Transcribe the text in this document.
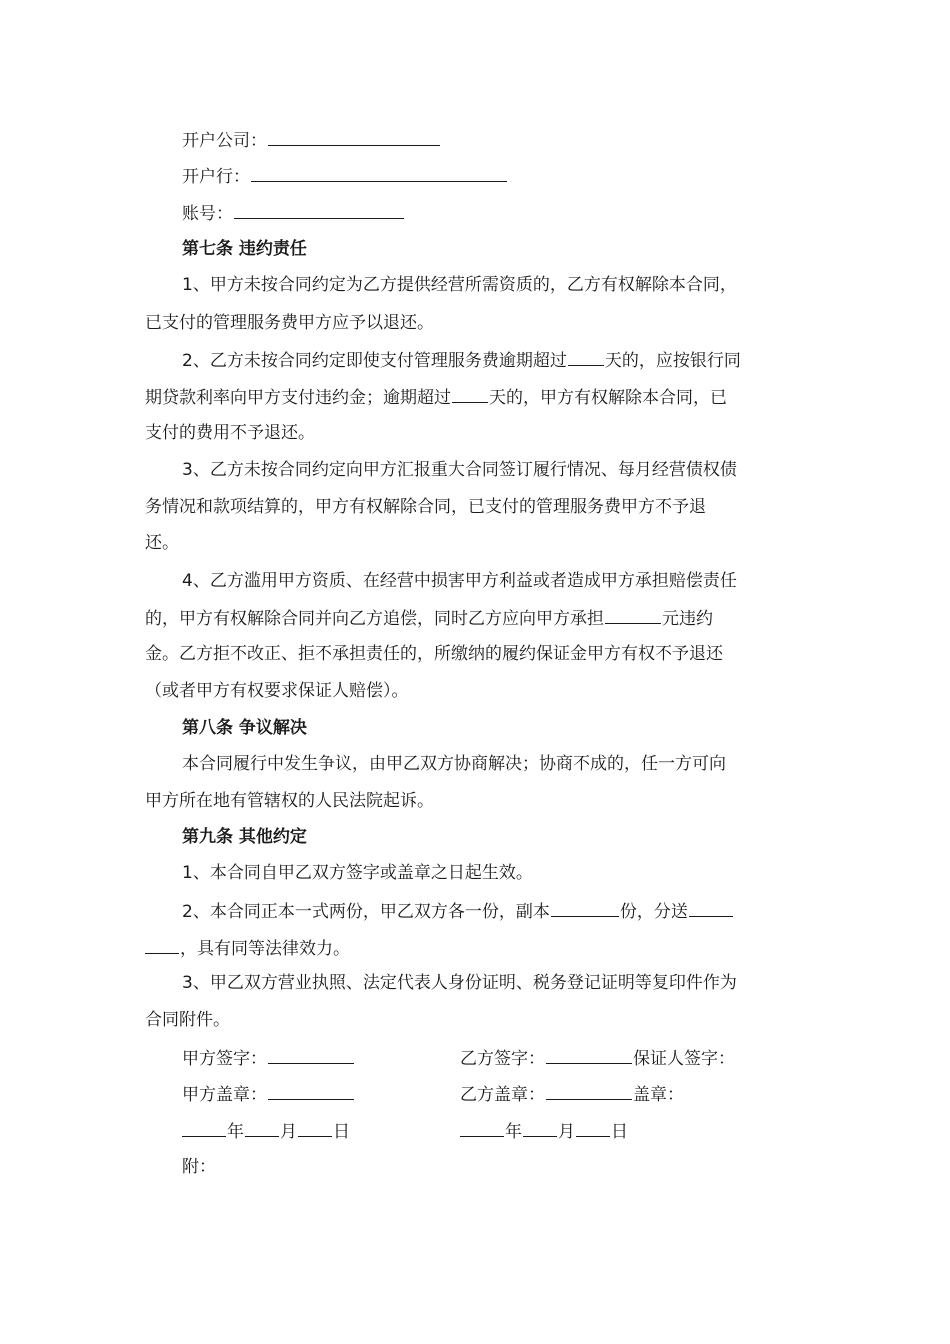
开户公司：
开户行：
账号：
第七条 违约责任
1、甲方未按合同约定为乙方提供经营所需资质的，乙方有权解除本合同，
已支付的管理服务费甲方应予以退还。
2、乙方未按合同约定即使支付管理服务费逾期超过 天的，应按银行同
期贷款利率向甲方支付违约金；逾期超过 天的，甲方有权解除本合同，已
支付的费用不予退还。
3、乙方未按合同约定向甲方汇报重大合同签订履行情况、每月经营债权债
务情况和款项结算的，甲方有权解除合同，已支付的管理服务费甲方不予退
还。
4、乙方滥用甲方资质、在经营中损害甲方利益或者造成甲方承担赔偿责任
的，甲方有权解除合同并向乙方追偿，同时乙方应向甲方承担	元违约
金。乙方拒不改正、拒不承担责任的，所缴纳的履约保证金甲方有权不予退还
（或者甲方有权要求保证人赔偿）。
第八条 争议解决
本合同履行中发生争议，由甲乙双方协商解决；协商不成的，任一方可向
甲方所在地有管辖权的人民法院起诉。
第九条 其他约定
1、本合同自甲乙双方签字或盖章之日起生效。
2、本合同正本一式两份，甲乙双方各一份，副本	份，分送
，具有同等法律效力。
3、甲乙双方营业执照、法定代表人身份证明、税务登记证明等复印件作为
合同附件。
甲方签字：	乙方签字：	保证人签字：
甲方盖章：	乙方盖章：	盖章：
年 月 日	年 月 日
附：
